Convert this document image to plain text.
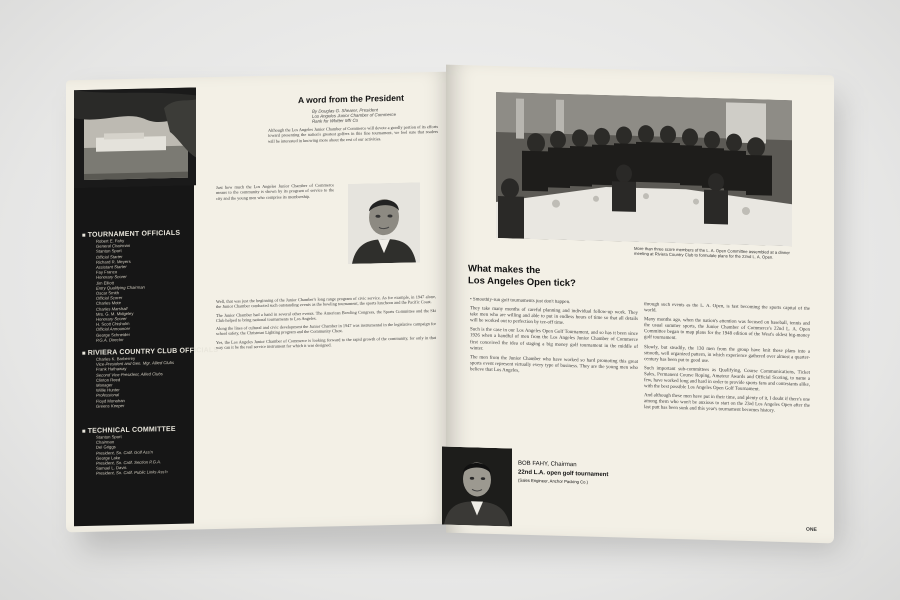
■ TOURNAMENT OFFICIALS
Robert E. Fahy
General Chairman
Stanton Sport
Official Starter
Richard R. Meyers
Assistant Starter
Fay Franco
Honorary Scorer
Jim Elliott
Entry Qualifying Chairman
Oscar Smith
Official Scorer
Charles Mote
Charles Marshall
Mrs. G. M. Midgeley
Honorary Scorer
H. Scott Chisholm
Official Announcer
George Schneider
P.G.A. Director
■ RIVIERA COUNTRY CLUB OFFICIALS
Charles K. Barberrey
Vice-President and Gen. Mgr. Allied Clubs
Frank Hathaway
Second Vice-President, Allied Clubs
Clinton Reed
Manager
Willie Hunter
Professional
Floyd Monahan
Greens Keeper
■ TECHNICAL COMMITTEE
Stanton Sport
Chairman
Del Griggs
President, So. Calif. Golf Ass'n
George Lake
President, So. Calif. Section P.G.A.
Samuel L. Davis
President, So. Calif. Public Links Ass'n
A word from the President
By Douglas G. Shearer, President
Los Angeles Junior Chamber of Commerce
Rank for Whitter Mfr Co

Although the Los Angeles Junior Chamber of Commerce will devote a goodly portion of its efforts toward presenting the nation's greatest golfers in this fine tournament, we feel sure that readers will be interested in knowing more about the rest of our activities.

Just how much the Los Angeles Junior Chamber of Commerce means to the community is shown by its program of service to the city and the young men who comprise its membership.

Well, that was just the beginning of the Junior Chamber's long range program of civic service. As for example, in 1947 alone, the Junior Chamber conducted such outstanding events as the bowling tournament, the sports luncheon and the Pacific Coast.

The Junior Chamber had a hand in several other events. The American Bowling Congress, the Sports Committee and the Ski Club helped to bring national tournaments to Los Angeles.

Along the lines of cultural and civic development the Junior Chamber in 1947 was instrumental in the legislative campaign for school safety, the Christmas Lighting program and the Community Chest.

Yes, the Los Angeles Junior Chamber of Commerce is looking forward to the rapid growth of the community, for only in that way can it be the real service instrument for which it was designed.

More than three score members of the L. A. Open Committee assembled at a dinner meeting at Riviera Country Club to formulate plans for the 22nd L. A. Open.
What makes the
Los Angeles Open tick?

• Smoothly-run golf tournaments just don't happen.

They take many months of careful planning and individual follow-up work. They take men who are willing and able to put in endless hours of time so that all details will be worked out to perfection by tee-off time.

Such is the case in our Los Angeles Open Golf Tournament, and so has it been since 1926 when a handful of men from the Los Angeles Junior Chamber of Commerce first conceived the idea of staging a big money golf tournament in the middle of winter.

The men from the Junior Chamber who have worked so hard promoting this great sports event represent virtually every type of business. They are the young men who believe that Los Angeles,

through such events as the L. A. Open, is fast becoming the sports capital of the world.

Many months ago, when the nation's attention was focused on baseball, tennis and the usual summer sports, the Junior Chamber of Commerce's 22nd L. A. Open Committee began to map plans for the 1948 edition of the West's oldest big-money golf tournament.

Slowly, but steadily, the 130 men from the group have knit these plans into a smooth, well organized pattern, in which experience gathered over almost a quarter-century has been put to good use.

Such important sub-committees as Qualifying, Course Communications, Ticket Sales, Permanent Course Roping, Amateur Awards and Official Scoring, to name a few, have worked long and hard in order to provide sports fans and contestants alike, with the best possible Los Angeles Open Golf Tournament.

And although these men have put in their time, and plenty of it, I doubt if there's one among them who won't be anxious to start on the 23rd Los Angeles Open after the last putt has been sunk and this year's tournament becomes history.

BOB FAHY, Chairman
22nd L.A. open golf tournament
(Sales Engineer, Anchor Packing Co.)
ONE
